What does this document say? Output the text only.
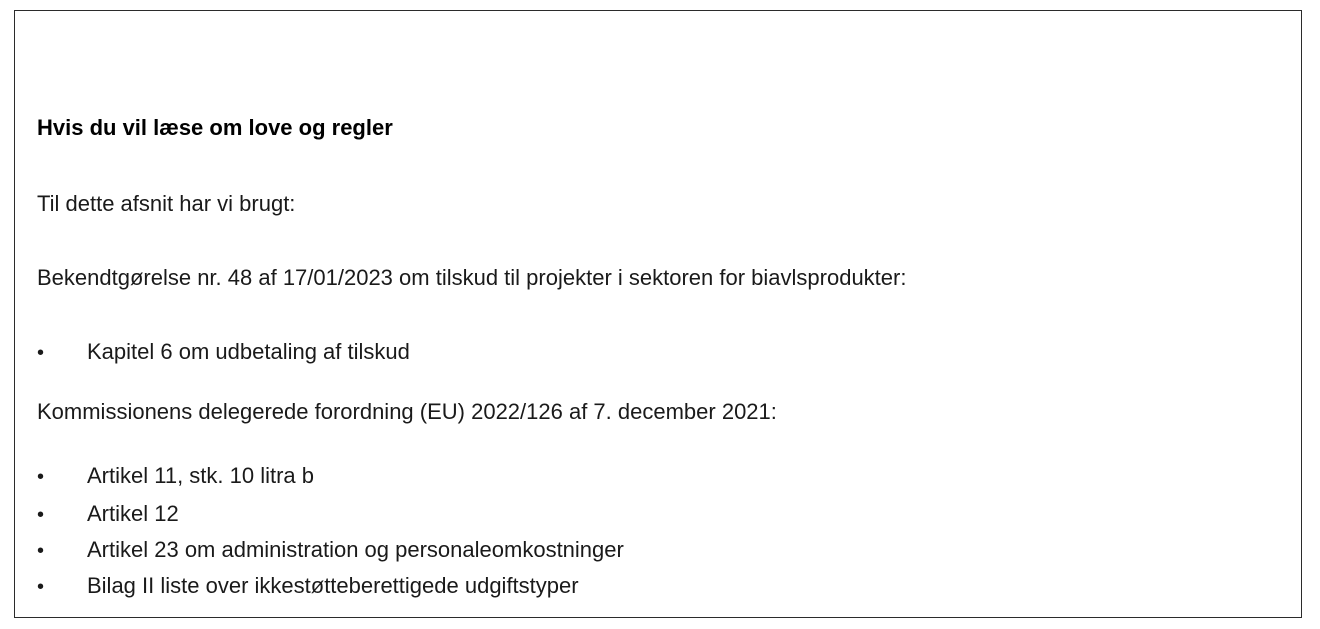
Hvis du vil læse om love og regler
Til dette afsnit har vi brugt:
Bekendtgørelse nr. 48 af 17/01/2023 om tilskud til projekter i sektoren for biavlsprodukter:
• Kapitel 6 om udbetaling af tilskud
Kommissionens delegerede forordning (EU) 2022/126 af 7. december 2021:
• Artikel 11, stk. 10 litra b
• Artikel 12
• Artikel 23 om administration og personaleomkostninger
• Bilag II liste over ikkestøtteberettigede udgiftstyper
